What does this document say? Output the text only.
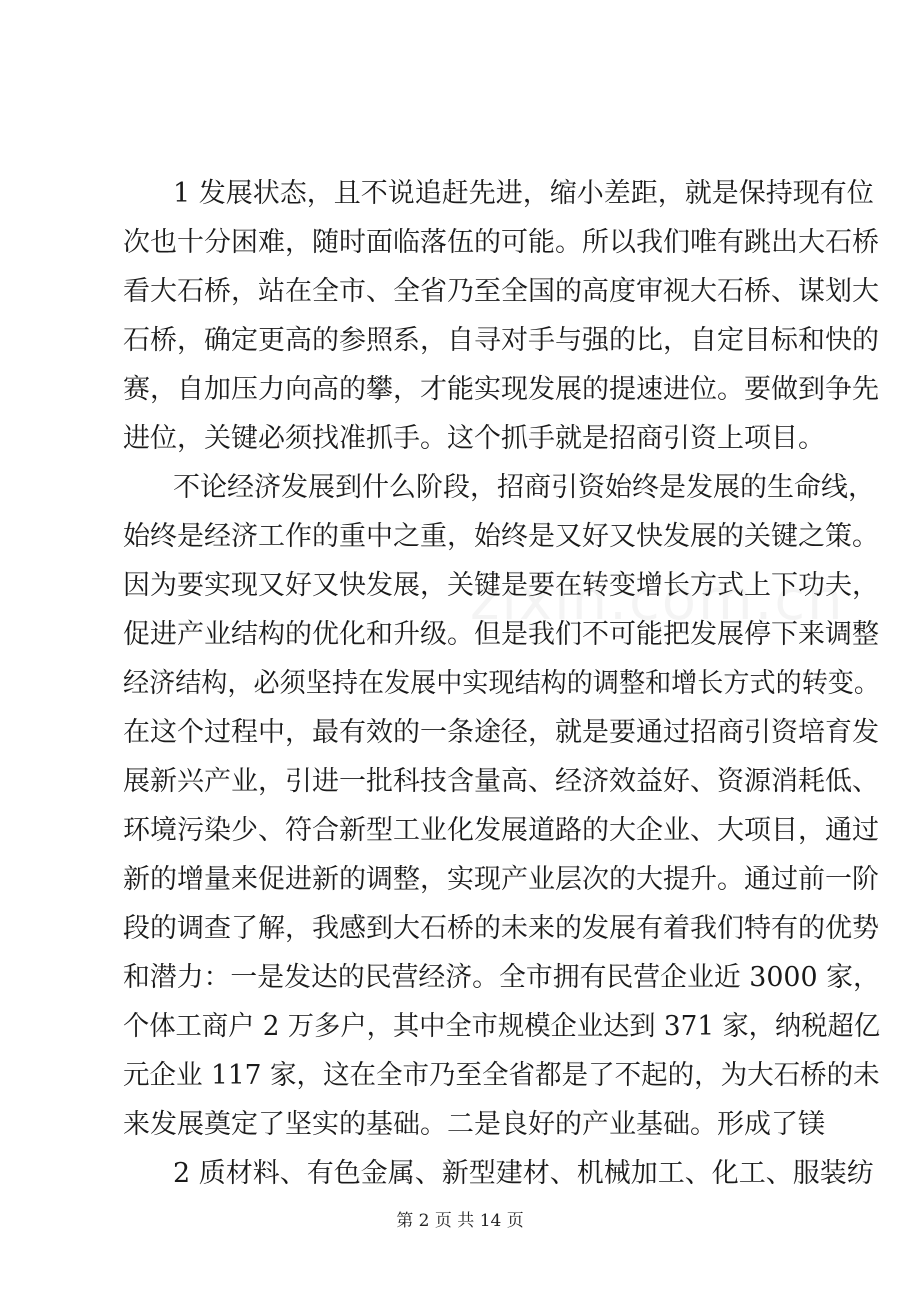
1 发展状态，且不说追赶先进，缩小差距，就是保持现有位
次也十分困难，随时面临落伍的可能。所以我们唯有跳出大石桥
看大石桥，站在全市、全省乃至全国的高度审视大石桥、谋划大
石桥，确定更高的参照系，自寻对手与强的比，自定目标和快的
赛，自加压力向高的攀，才能实现发展的提速进位。要做到争先
进位，关键必须找准抓手。这个抓手就是招商引资上项目。
不论经济发展到什么阶段，招商引资始终是发展的生命线，
始终是经济工作的重中之重，始终是又好又快发展的关键之策。
因为要实现又好又快发展，关键是要在转变增长方式上下功夫，
促进产业结构的优化和升级。但是我们不可能把发展停下来调整
经济结构，必须坚持在发展中实现结构的调整和增长方式的转变。
在这个过程中，最有效的一条途径，就是要通过招商引资培育发
展新兴产业，引进一批科技含量高、经济效益好、资源消耗低、
环境污染少、符合新型工业化发展道路的大企业、大项目，通过
新的增量来促进新的调整，实现产业层次的大提升。通过前一阶
段的调查了解，我感到大石桥的未来的发展有着我们特有的优势
和潜力：一是发达的民营经济。全市拥有民营企业近 3000 家，
个体工商户 2 万多户，其中全市规模企业达到 371 家，纳税超亿
元企业 117 家，这在全市乃至全省都是了不起的，为大石桥的未
来发展奠定了坚实的基础。二是良好的产业基础。形成了镁
2 质材料、有色金属、新型建材、机械加工、化工、服装纺
第 2 页 共 14 页
